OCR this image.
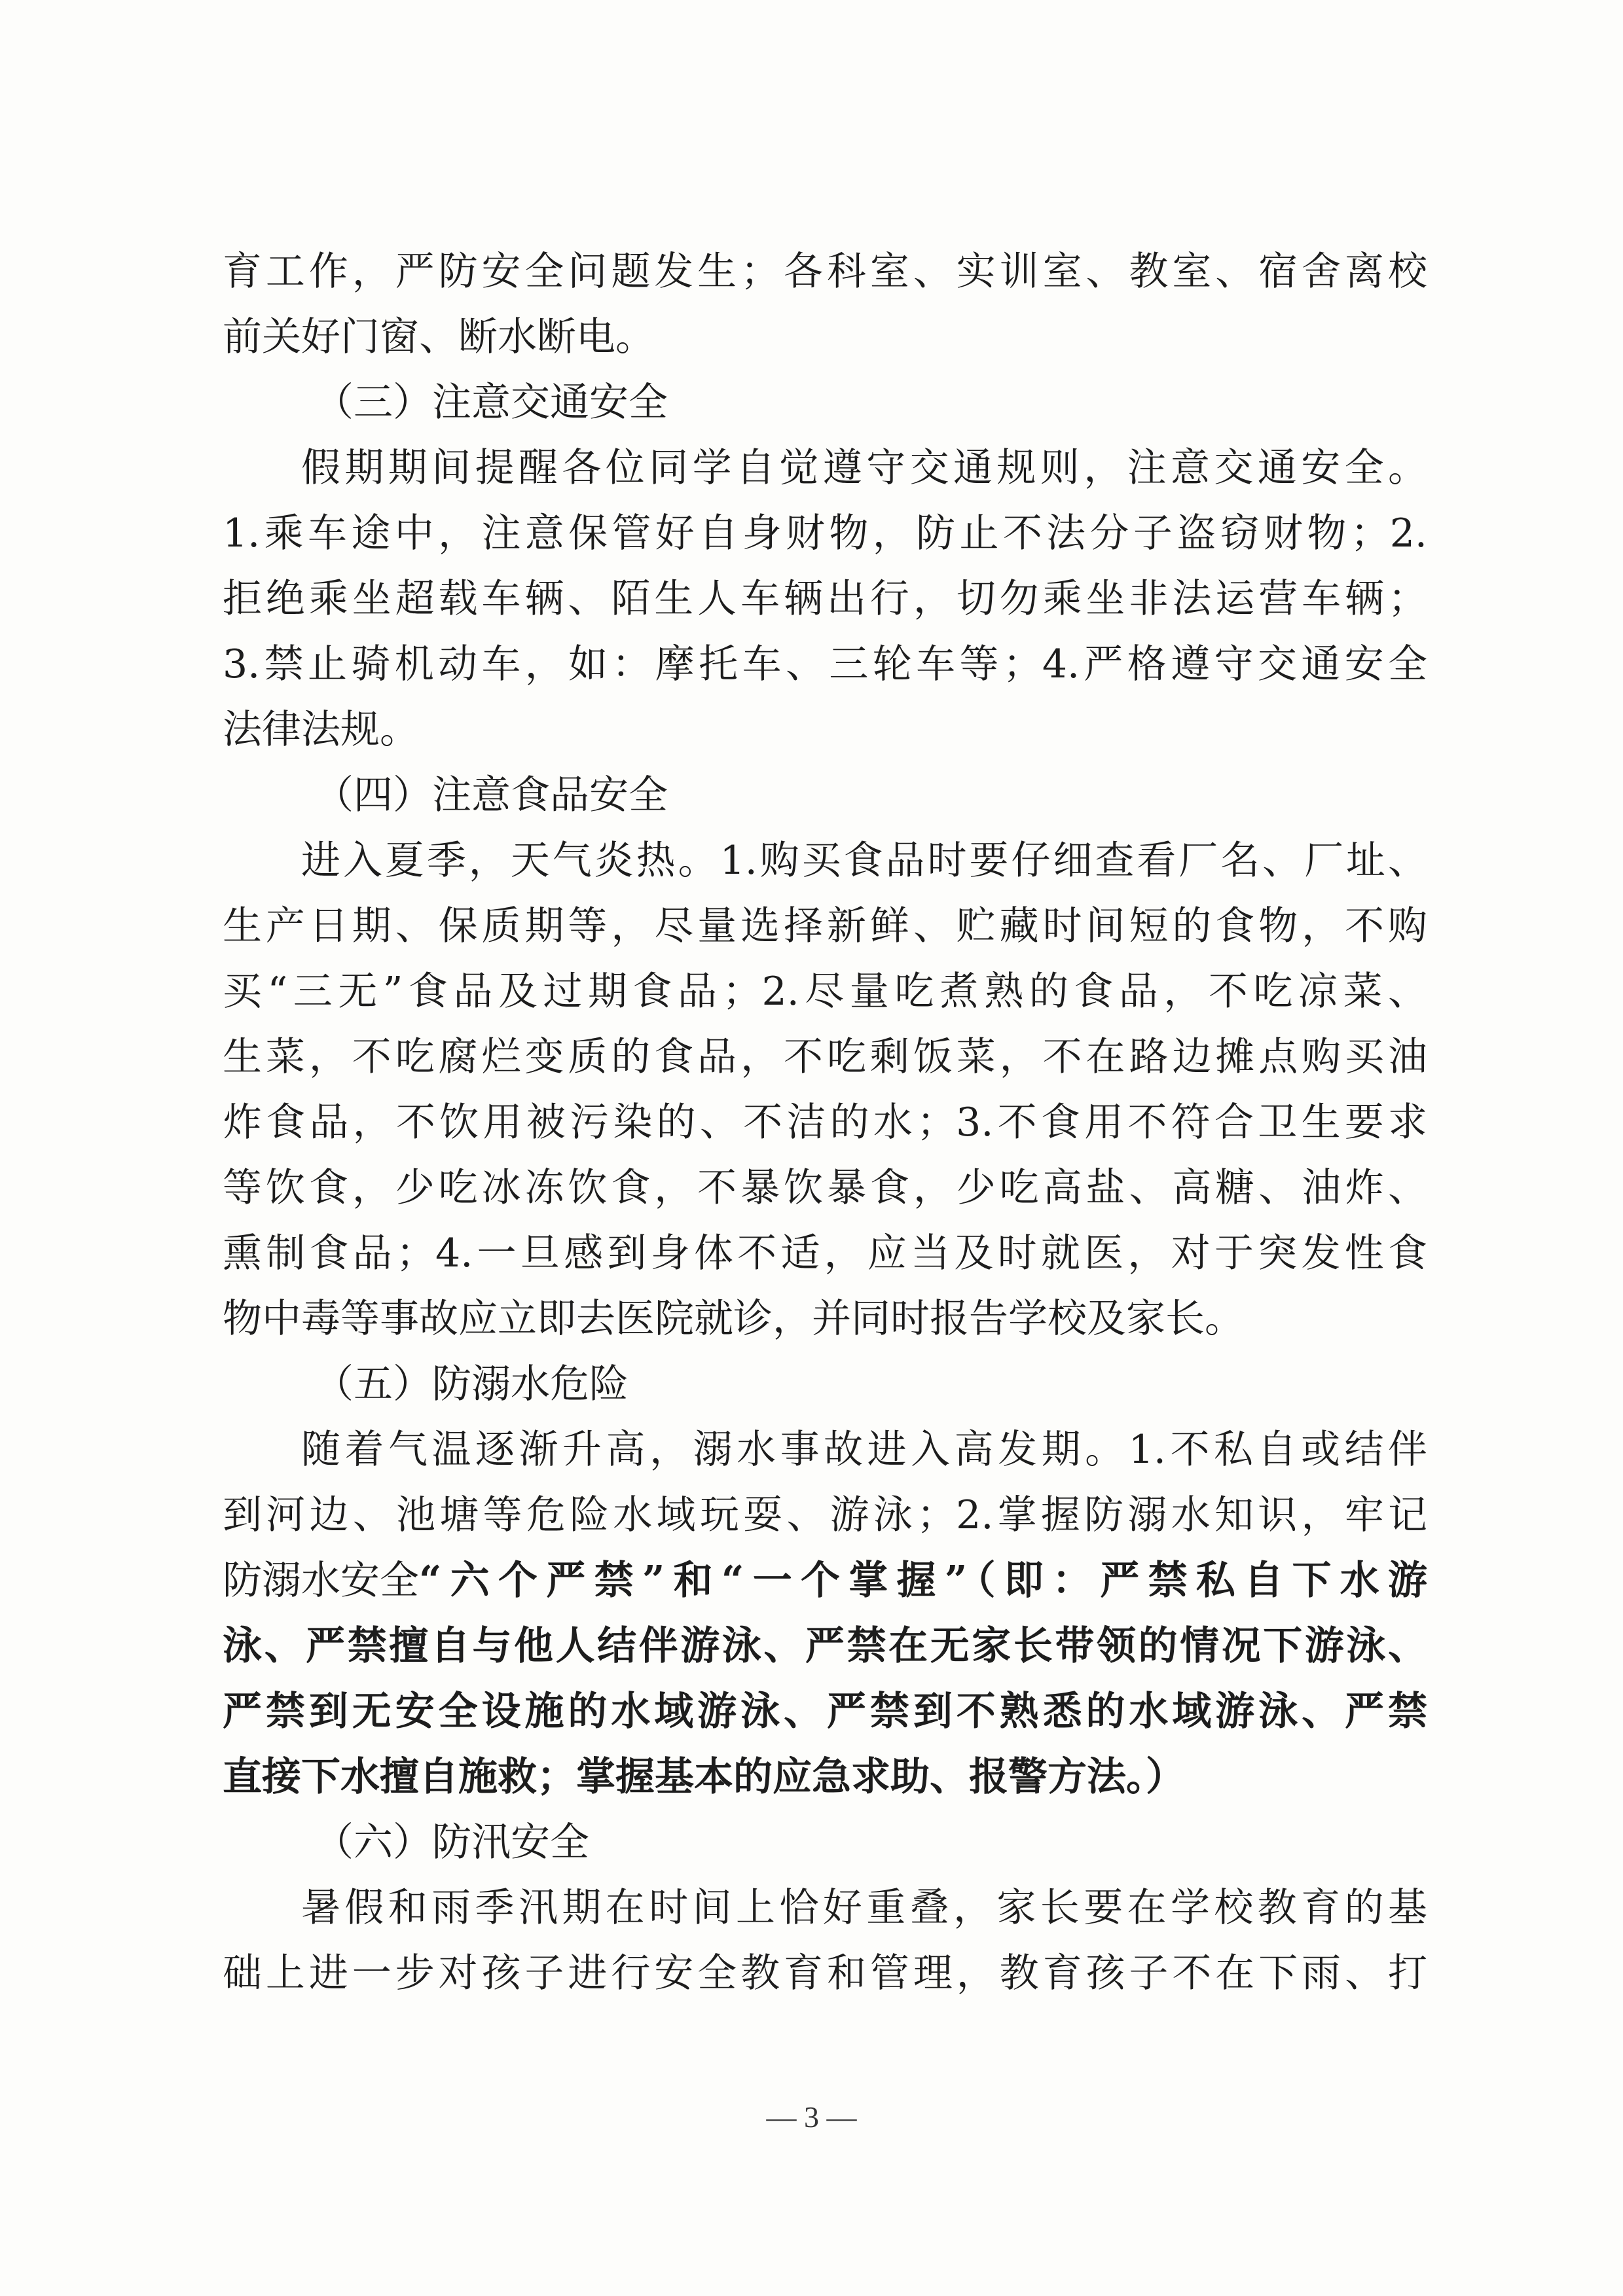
育工作，严防安全问题发生；各科室、实训室、教室、宿舍离校
前关好门窗、断水断电。
（三）注意交通安全
假期期间提醒各位同学自觉遵守交通规则，注意交通安全。
1.乘车途中，注意保管好自身财物，防止不法分子盗窃财物；2.
拒绝乘坐超载车辆、陌生人车辆出行，切勿乘坐非法运营车辆；
3.禁止骑机动车，如：摩托车、三轮车等；4.严格遵守交通安全
法律法规。
（四）注意食品安全
进入夏季，天气炎热。1.购买食品时要仔细查看厂名、厂址、
生产日期、保质期等，尽量选择新鲜、贮藏时间短的食物，不购
买“三无”食品及过期食品；2.尽量吃煮熟的食品，不吃凉菜、
生菜，不吃腐烂变质的食品，不吃剩饭菜，不在路边摊点购买油
炸食品，不饮用被污染的、不洁的水；3.不食用不符合卫生要求
等饮食，少吃冰冻饮食，不暴饮暴食，少吃高盐、高糖、油炸、
熏制食品；4.一旦感到身体不适，应当及时就医，对于突发性食
物中毒等事故应立即去医院就诊，并同时报告学校及家长。
（五）防溺水危险
随着气温逐渐升高，溺水事故进入高发期。1.不私自或结伴
到河边、池塘等危险水域玩耍、游泳；2.掌握防溺水知识，牢记
防溺水安全 “六个严禁”和“一个掌握”（即：严禁私自下水游
泳、严禁擅自与他人结伴游泳、严禁在无家长带领的情况下游泳、
严禁到无安全设施的水域游泳、严禁到不熟悉的水域游泳、严禁
直接下水擅自施救；掌握基本的应急求助、报警方法。）
（六）防汛安全
暑假和雨季汛期在时间上恰好重叠，家长要在学校教育的基
础上进一步对孩子进行安全教育和管理，教育孩子不在下雨、打
— 3 —
